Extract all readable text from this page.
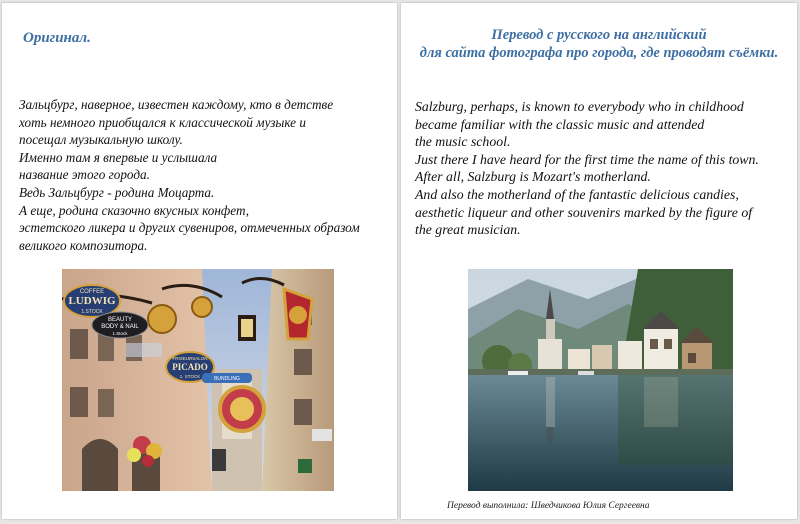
Оригинал.
Зальцбург, наверное, известен каждому, кто в детстве
хоть немного приобщался к классической музыке и
посещал музыкальную школу.
Именно там я впервые и услышала
название этого города.
Ведь Зальцбург - родина Моцарта.
А еще, родина сказочно вкусных конфет,
эстетского ликера и других сувениров, отмеченных образом
великого композитора.
COFFEE
LUDWIG
1.STOCK
BEAUTY
BODY & NAIL
1.Stock
FRISEURSALON
PICADO
1. STOCK	BUNDLING
Перевод с русского на английский
для сайта фотографа про города, где проводят съёмки.
Salzburg, perhaps, is known to everybody who in childhood
became familiar with the classic music and attended
the music school.
Just there I have heard for the first time the name of this town.
After all, Salzburg is Mozart's motherland.
And also the motherland of the fantastic delicious candies,
aesthetic liqueur and other souvenirs marked by the figure of
the great musician.
Перевод выполнила: Шведчикова Юлия Сергеевна
